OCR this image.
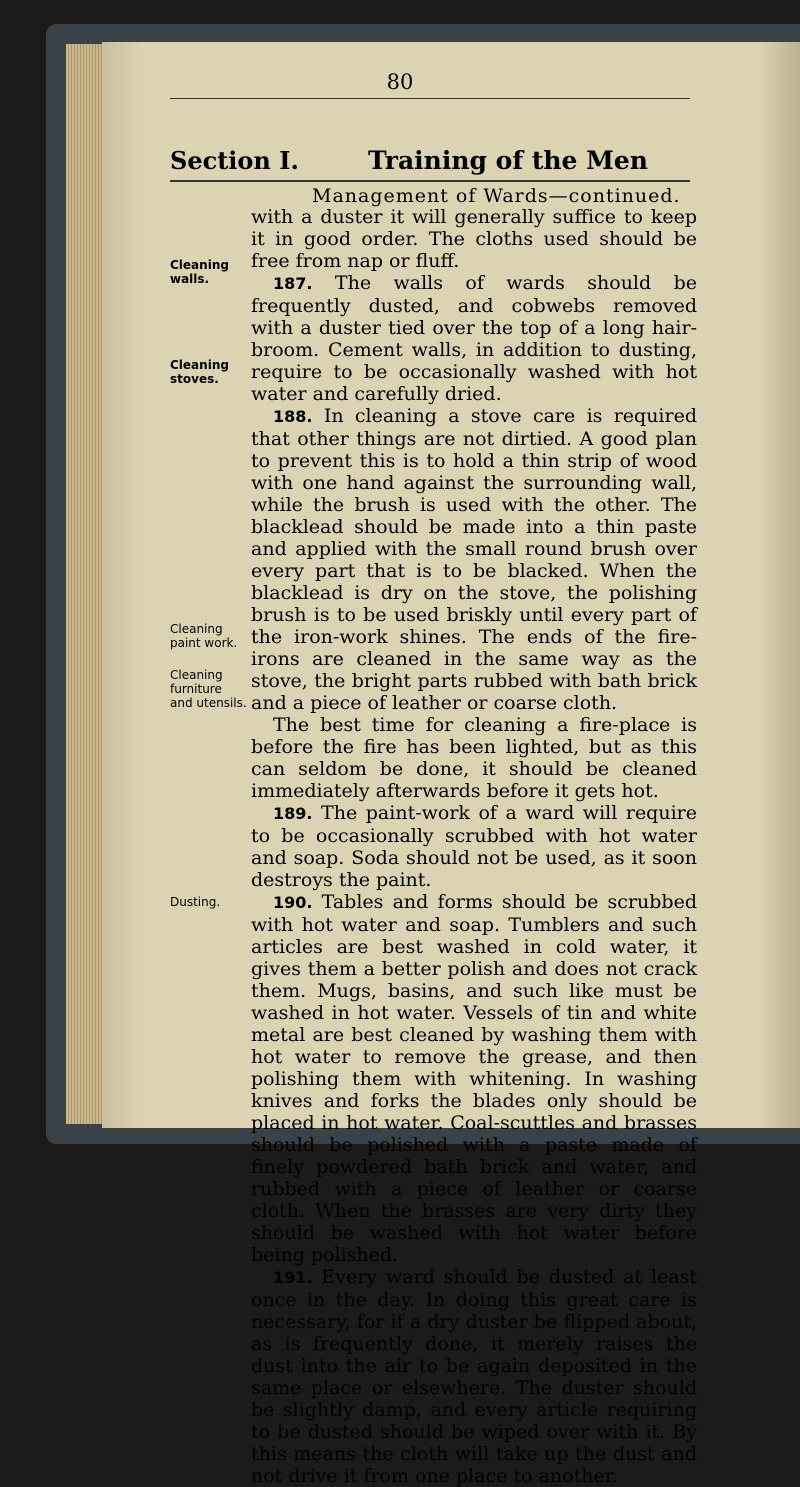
80
Section I.	Training of the Men
Management of Wards—continued.
Cleaning walls.
Cleaning stoves.
Cleaning paint work.
Cleaning furniture and utensils.
Dusting.

with a duster it will generally suffice to keep it in good order. The cloths used should be free from nap or fluff.

187. The walls of wards should be frequently dusted, and cobwebs removed with a duster tied over the top of a long hair-broom. Cement walls, in addition to dusting, require to be occasionally washed with hot water and carefully dried.

188. In cleaning a stove care is required that other things are not dirtied. A good plan to prevent this is to hold a thin strip of wood with one hand against the surrounding wall, while the brush is used with the other. The blacklead should be made into a thin paste and applied with the small round brush over every part that is to be blacked. When the blacklead is dry on the stove, the polishing brush is to be used briskly until every part of the iron-work shines. The ends of the fire-irons are cleaned in the same way as the stove, the bright parts rubbed with bath brick and a piece of leather or coarse cloth.

The best time for cleaning a fire-place is before the fire has been lighted, but as this can seldom be done, it should be cleaned immediately afterwards before it gets hot.

189. The paint-work of a ward will require to be occasionally scrubbed with hot water and soap. Soda should not be used, as it soon destroys the paint.

190. Tables and forms should be scrubbed with hot water and soap. Tumblers and such articles are best washed in cold water, it gives them a better polish and does not crack them. Mugs, basins, and such like must be washed in hot water. Vessels of tin and white metal are best cleaned by washing them with hot water to remove the grease, and then polishing them with whitening. In washing knives and forks the blades only should be placed in hot water. Coal-scuttles and brasses should be polished with a paste made of finely powdered bath brick and water, and rubbed with a piece of leather or coarse cloth. When the brasses are very dirty they should be washed with hot water before being polished.

191. Every ward should be dusted at least once in the day. In doing this great care is necessary, for if a dry duster be flipped about, as is frequently done, it merely raises the dust into the air to be again deposited in the same place or elsewhere. The duster should be slightly damp, and every article requiring to be dusted should be wiped over with it. By this means the cloth will take up the dust and not drive it from one place to another.
